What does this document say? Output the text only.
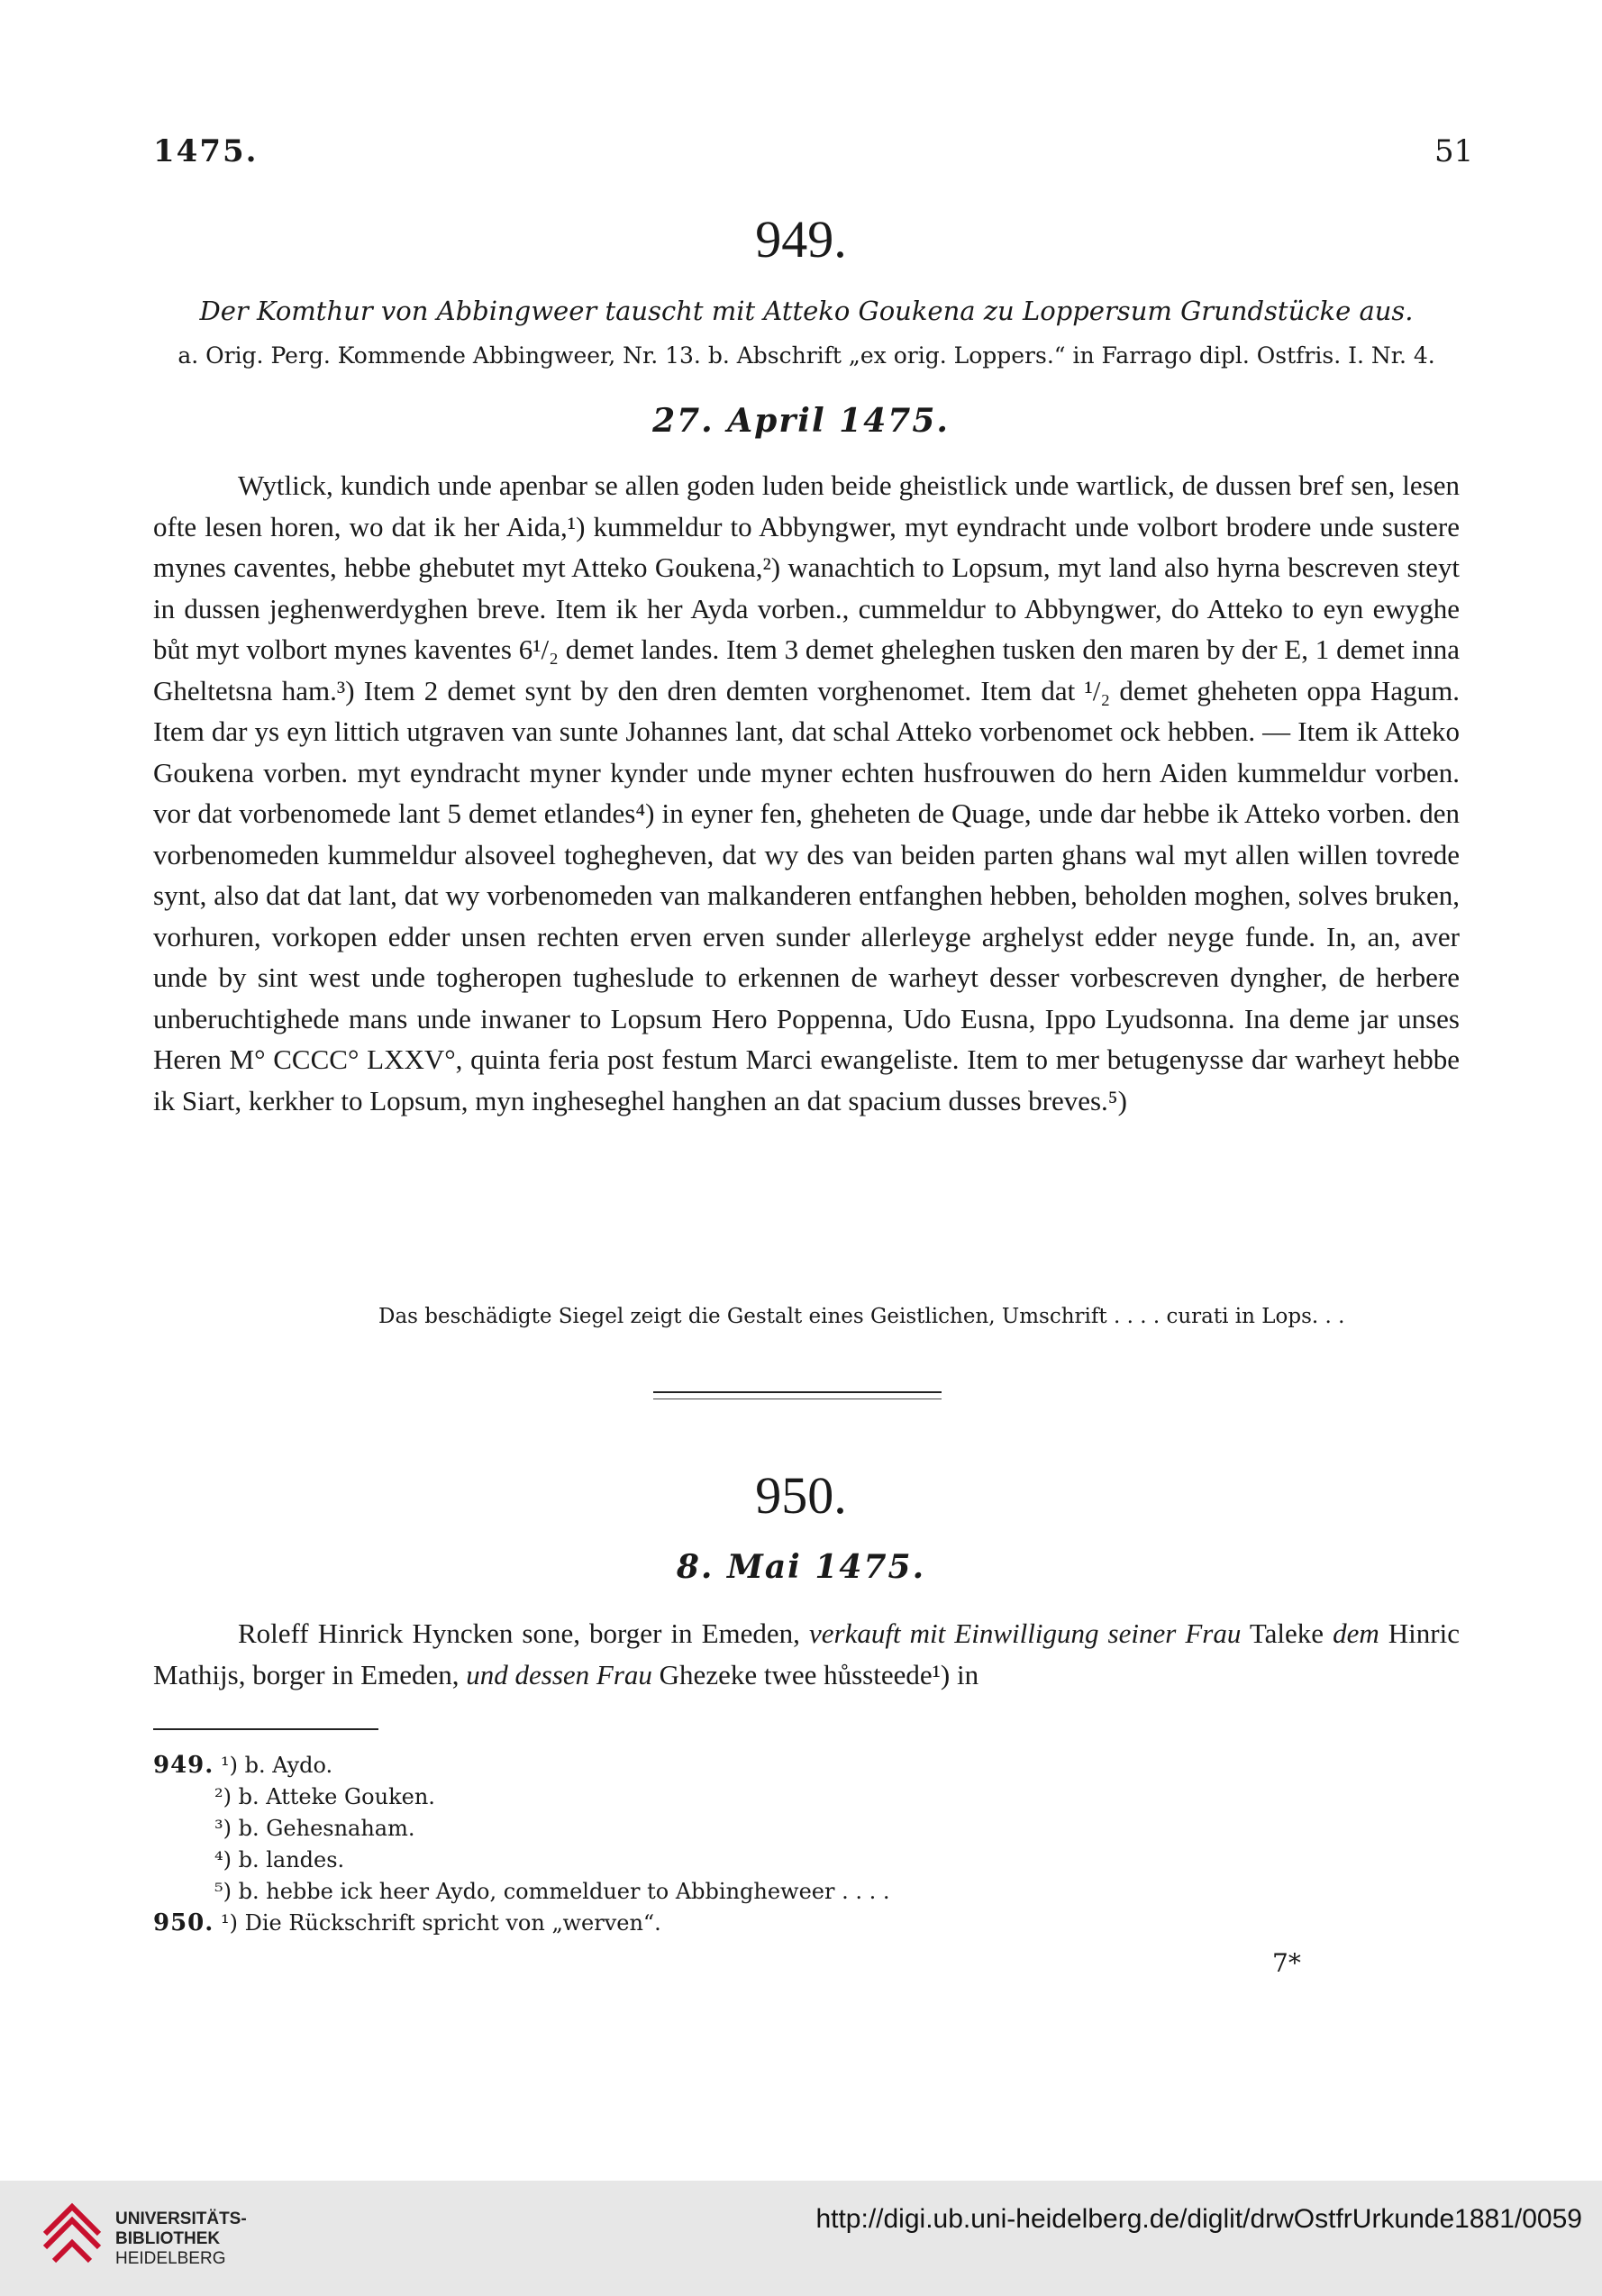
1475.	51
949.
Der Komthur von Abbingweer tauscht mit Atteko Goukena zu Loppersum Grundstücke aus.
a. Orig. Perg. Kommende Abbingweer, Nr. 13. b. Abschrift „ex orig. Loppers.“ in Farrago dipl. Ostfris. I. Nr. 4.
27. April 1475.

Wytlick, kundich unde apenbar se allen goden luden beide gheistlick unde wartlick, de dussen bref sen, lesen ofte lesen horen, wo dat ik her Aida,¹) kummeldur to Abbyngwer, myt eyndracht unde volbort brodere unde sustere mynes caventes, hebbe ghebutet myt Atteko Goukena,²) wanachtich to Lopsum, myt land also hyrna bescreven steyt in dussen jeghenwerdyghen breve. Item ik her Ayda vorben., cummeldur to Abbyngwer, do Atteko to eyn ewyghe bůt myt volbort mynes kaventes 6¹/₂ demet landes. Item 3 demet gheleghen tusken den maren by der E, 1 demet inna Gheltetsna ham.³) Item 2 demet synt by den dren demten vorghenomet. Item dat ¹/₂ demet gheheten oppa Hagum. Item dar ys eyn littich utgraven van sunte Johannes lant, dat schal Atteko vorbenomet ock hebben. — Item ik Atteko Goukena vorben. myt eyndracht myner kynder unde myner echten husfrouwen do hern Aiden kummeldur vorben. vor dat vorbenomede lant 5 demet etlandes⁴) in eyner fen, gheheten de Quage, unde dar hebbe ik Atteko vorben. den vorbenomeden kummeldur alsoveel toghegheven, dat wy des van beiden parten ghans wal myt allen willen tovrede synt, also dat dat lant, dat wy vorbenomeden van malkanderen entfanghen hebben, beholden moghen, solves bruken, vorhuren, vorkopen edder unsen rechten erven erven sunder allerleyge arghelyst edder neyge funde. In, an, aver unde by sint west unde togheropen tugheslude to erkennen de warheyt desser vorbescreven dyngher, de herbere unberuchtighede mans unde inwaner to Lopsum Hero Poppenna, Udo Eusna, Ippo Lyudsonna. Ina deme jar unses Heren M° CCCC° LXXV°, quinta feria post festum Marci ewangeliste. Item to mer betugenysse dar warheyt hebbe ik Siart, kerkher to Lopsum, myn ingheseghel hanghen an dat spacium dusses breves.⁵)

Das beschädigte Siegel zeigt die Gestalt eines Geistlichen, Umschrift . . . . curati in Lops. . .
950.
8. Mai 1475.

Roleff Hinrick Hyncken sone, borger in Emeden, verkauft mit Einwilligung seiner Frau Taleke dem Hinric Mathijs, borger in Emeden, und dessen Frau Ghezeke twee hůssteede¹) in

949. ¹) b. Aydo.
²) b. Atteke Gouken.
³) b. Gehesnaham.
⁴) b. landes.
⁵) b. hebbe ick heer Aydo, commelduer to Abbingheweer . . . .
950. ¹) Die Rückschrift spricht von „werven“.
7*
UNIVERSITÄTS-
BIBLIOTHEK
HEIDELBERG
http://digi.ub.uni-heidelberg.de/diglit/drwOstfrUrkunde1881/0059
